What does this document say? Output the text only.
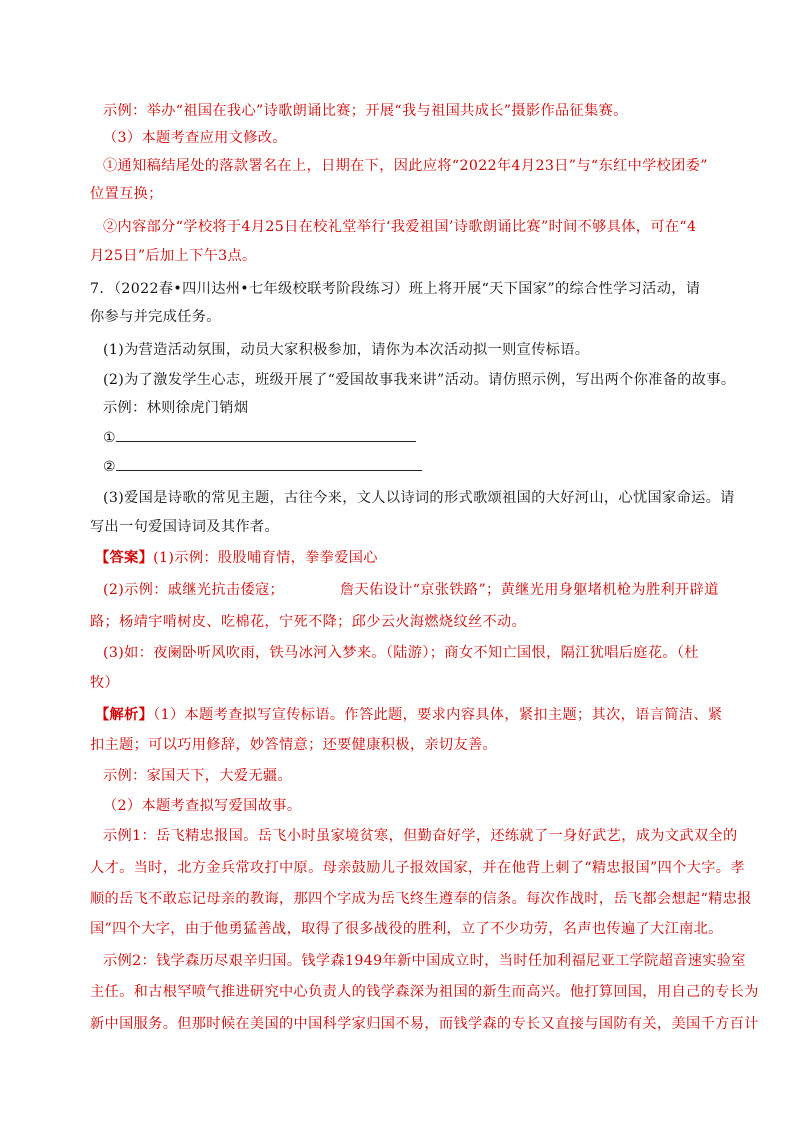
示例：举办“祖国在我心”诗歌朗诵比赛；开展“我与祖国共成长”摄影作品征集赛。
（3）本题考查应用文修改。
①通知稿结尾处的落款署名在上，日期在下，因此应将“2022年4月23日”与“东红中学校团委”
位置互换；
②内容部分“学校将于4月25日在校礼堂举行‘我爱祖国’诗歌朗诵比赛”时间不够具体，可在“4
月25日”后加上下午3点。
7．（2022春•四川达州•七年级校联考阶段练习）班上将开展“天下国家”的综合性学习活动，请
你参与并完成任务。
(1)为营造活动氛围，动员大家积极参加，请你为本次活动拟一则宣传标语。
(2)为了激发学生心志，班级开展了“爱国故事我来讲”活动。请仿照示例，写出两个你准备的故事。
示例：林则徐虎门销烟
①
②
(3)爱国是诗歌的常见主题，古往今来，文人以诗词的形式歌颂祖国的大好河山，心忧国家命运。请
写出一句爱国诗词及其作者。
【答案】(1)示例：股股哺育情，拳拳爱国心
(2)示例：戚继光抗击倭寇；	詹天佑设计“京张铁路”；黄继光用身躯堵机枪为胜利开辟道
路；杨靖宇啃树皮、吃棉花，宁死不降；邱少云火海燃烧纹丝不动。
(3)如：夜阑卧听风吹雨，铁马冰河入梦来。（陆游）；商女不知亡国恨，隔江犹唱后庭花。（杜
牧）
【解析】（1）本题考查拟写宣传标语。作答此题，要求内容具体，紧扣主题；其次，语言简洁、紧
扣主题；可以巧用修辞，妙答情意；还要健康积极，亲切友善。
示例：家国天下，大爱无疆。
（2）本题考查拟写爱国故事。
示例1：岳飞精忠报国。岳飞小时虽家境贫寒，但勤奋好学，还练就了一身好武艺，成为文武双全的
人才。当时，北方金兵常攻打中原。母亲鼓励儿子报效国家，并在他背上刺了“精忠报国”四个大字。孝
顺的岳飞不敢忘记母亲的教诲，那四个字成为岳飞终生遵奉的信条。每次作战时，岳飞都会想起“精忠报
国”四个大字，由于他勇猛善战，取得了很多战役的胜利，立了不少功劳，名声也传遍了大江南北。
示例2：钱学森历尽艰辛归国。钱学森1949年新中国成立时，当时任加利福尼亚工学院超音速实验室
主任。和古根罕喷气推进研究中心负责人的钱学森深为祖国的新生而高兴。他打算回国，用自己的专长为
新中国服务。但那时候在美国的中国科学家归国不易，而钱学森的专长又直接与国防有关，美国千方百计
